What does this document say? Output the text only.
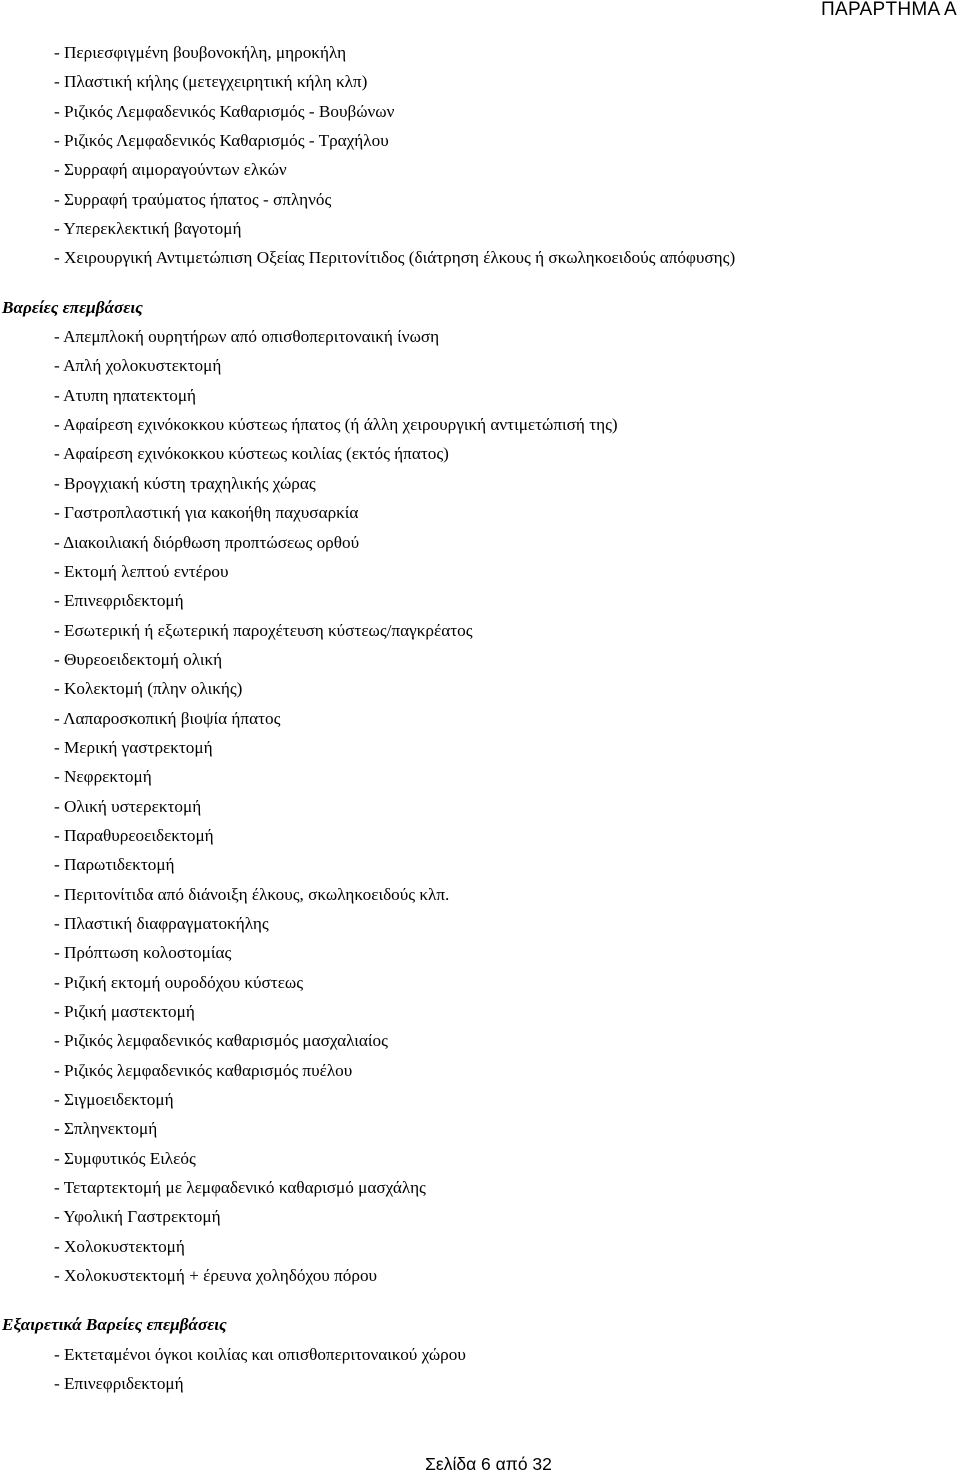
ΠΑΡΑΡΤΗΜΑ Α
- Περιεσφιγμένη βουβονοκήλη, μηροκήλη
- Πλαστική κήλης (μετεγχειρητική κήλη κλπ)
- Ριζικός Λεμφαδενικός Καθαρισμός - Βουβώνων
- Ριζικός Λεμφαδενικός Καθαρισμός - Τραχήλου
- Συρραφή αιμοραγούντων ελκών
- Συρραφή τραύματος ήπατος - σπληνός
- Υπερεκλεκτική βαγοτομή
- Χειρουργική Αντιμετώπιση Οξείας Περιτονίτιδος (διάτρηση έλκους ή σκωληκοειδούς απόφυσης)
Βαρείες επεμβάσεις
- Απεμπλοκή ουρητήρων από οπισθοπεριτοναική ίνωση
- Απλή χολοκυστεκτομή
- Ατυπη ηπατεκτομή
- Αφαίρεση εχινόκοκκου κύστεως ήπατος (ή άλλη χειρουργική αντιμετώπισή της)
- Αφαίρεση εχινόκοκκου κύστεως κοιλίας (εκτός ήπατος)
- Βρογχιακή κύστη τραχηλικής χώρας
- Γαστροπλαστική για κακοήθη παχυσαρκία
- Διακοιλιακή διόρθωση προπτώσεως ορθού
- Εκτομή λεπτού εντέρου
- Επινεφριδεκτομή
- Εσωτερική ή εξωτερική παροχέτευση κύστεως/παγκρέατος
- Θυρεοειδεκτομή ολική
- Κολεκτομή (πλην ολικής)
- Λαπαροσκοπική βιοψία ήπατος
- Μερική γαστρεκτομή
- Νεφρεκτομή
- Ολική υστερεκτομή
- Παραθυρεοειδεκτομή
- Παρωτιδεκτομή
- Περιτονίτιδα από διάνοιξη έλκους, σκωληκοειδούς κλπ.
- Πλαστική διαφραγματοκήλης
- Πρόπτωση κολοστομίας
- Ριζική εκτομή ουροδόχου κύστεως
- Ριζική μαστεκτομή
- Ριζικός λεμφαδενικός καθαρισμός μασχαλιαίος
- Ριζικός λεμφαδενικός καθαρισμός πυέλου
- Σιγμοειδεκτομή
- Σπληνεκτομή
- Συμφυτικός Ειλεός
- Τεταρτεκτομή με λεμφαδενικό καθαρισμό μασχάλης
- Υφολική Γαστρεκτομή
- Χολοκυστεκτομή
- Χολοκυστεκτομή + έρευνα χοληδόχου πόρου
Εξαιρετικά Βαρείες επεμβάσεις
- Εκτεταμένοι όγκοι κοιλίας και οπισθοπεριτοναικού χώρου
- Επινεφριδεκτομή
Σελίδα 6 από 32
